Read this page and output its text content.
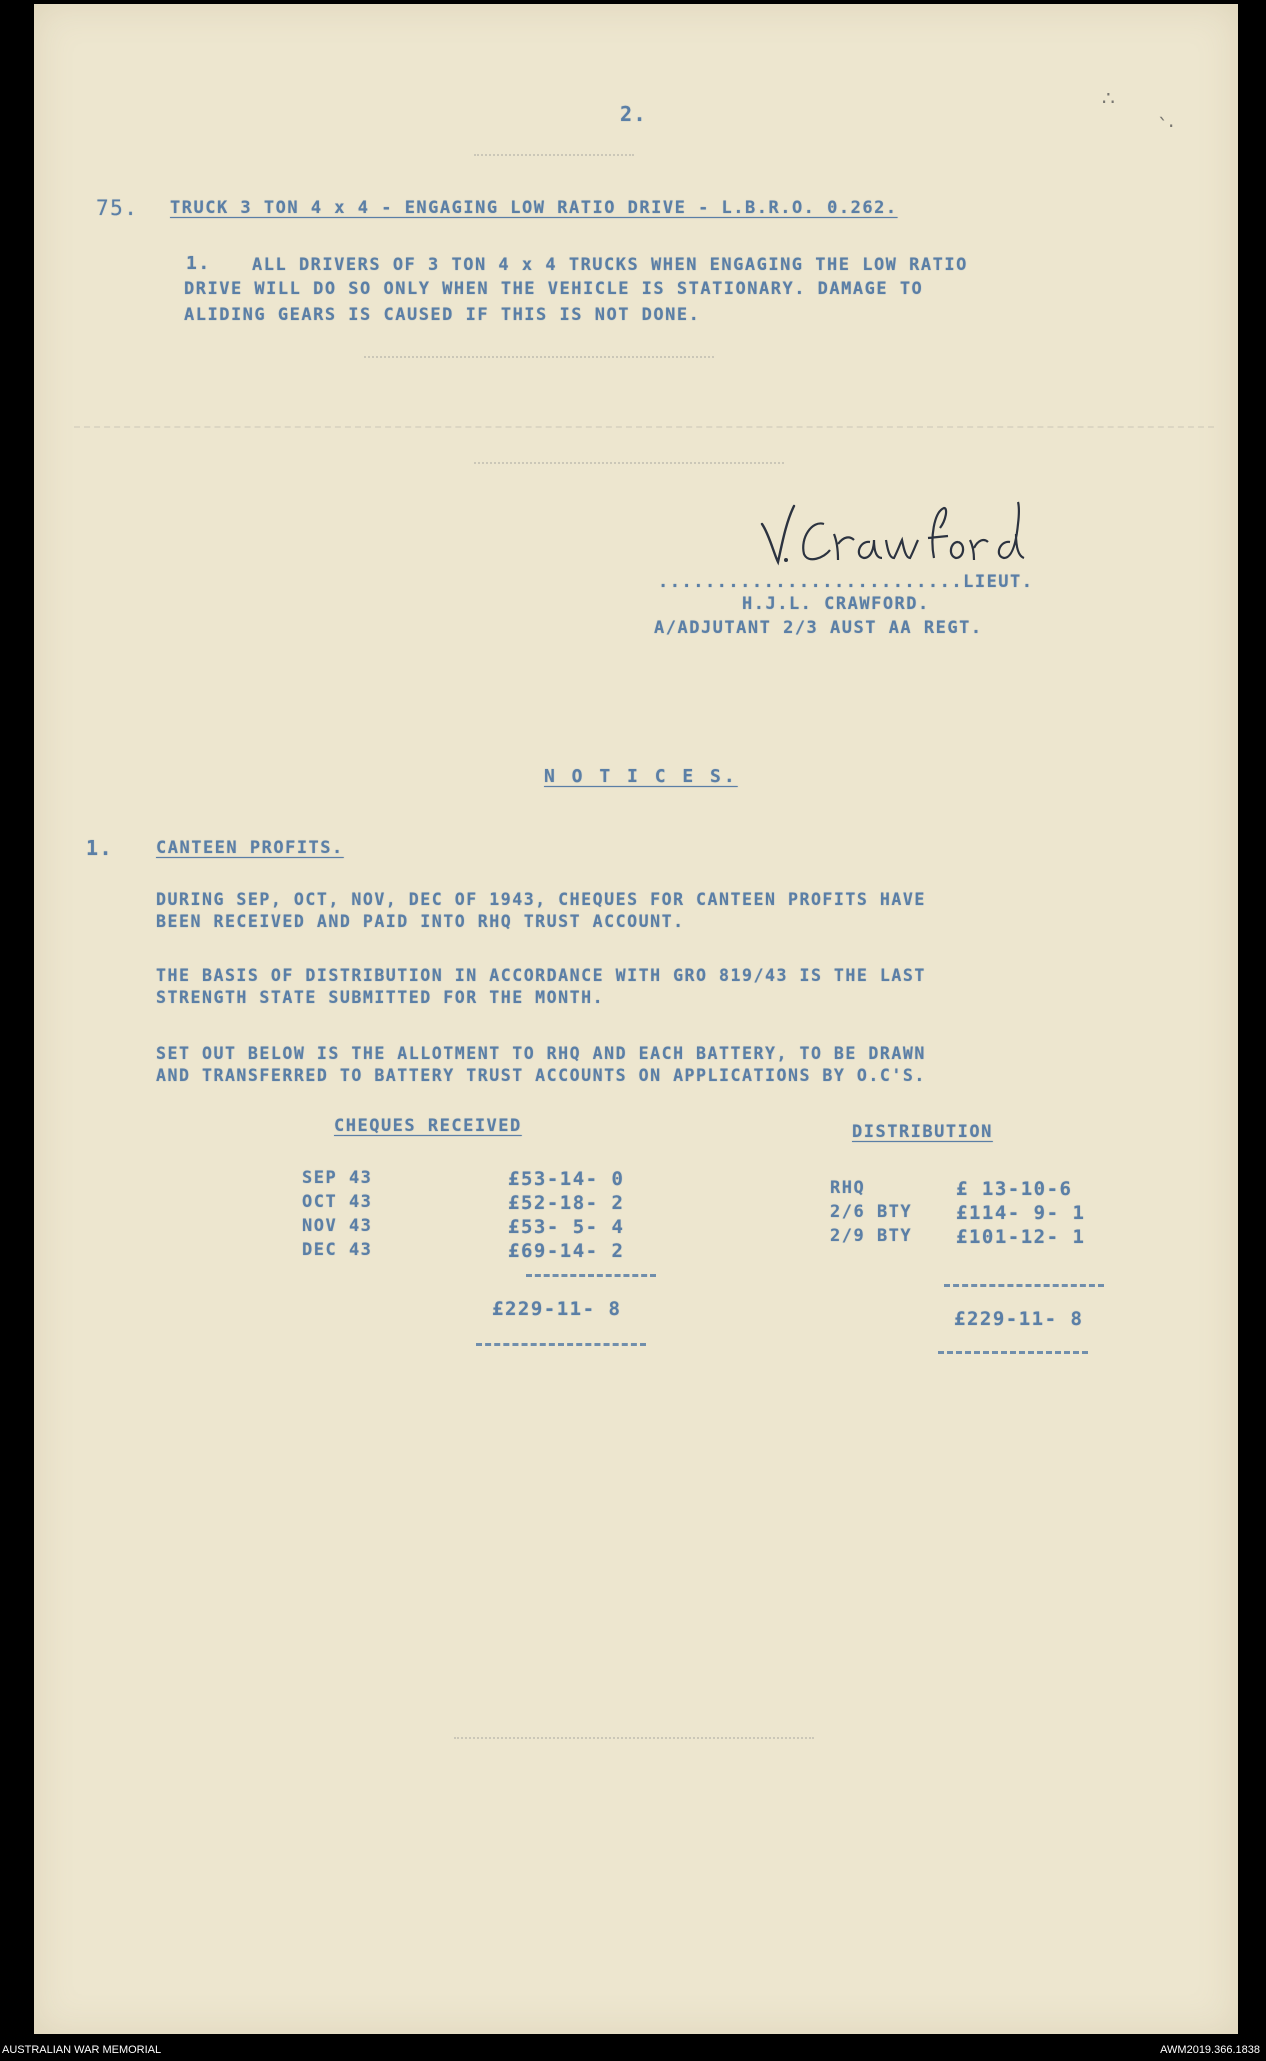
∴
`·
2.
75. TRUCK 3 TON 4 x 4 - ENGAGING LOW RATIO DRIVE - L.B.R.O. 0.262.
1. ALL DRIVERS OF 3 TON 4 x 4 TRUCKS WHEN ENGAGING THE LOW RATIO
DRIVE WILL DO SO ONLY WHEN THE VEHICLE IS STATIONARY. DAMAGE TO
ALIDING GEARS IS CAUSED IF THIS IS NOT DONE.
..........................LIEUT.
H.J.L. CRAWFORD.
A/ADJUTANT 2/3 AUST AA REGT.
N O T I C E S.
1.	CANTEEN PROFITS.
DURING SEP, OCT, NOV, DEC OF 1943, CHEQUES FOR CANTEEN PROFITS HAVE
BEEN RECEIVED AND PAID INTO RHQ TRUST ACCOUNT.
THE BASIS OF DISTRIBUTION IN ACCORDANCE WITH GRO 819/43 IS THE LAST
STRENGTH STATE SUBMITTED FOR THE MONTH.
SET OUT BELOW IS THE ALLOTMENT TO RHQ AND EACH BATTERY, TO BE DRAWN
AND TRANSFERRED TO BATTERY TRUST ACCOUNTS ON APPLICATIONS BY O.C'S.
CHEQUES RECEIVED
SEP 43	£53-14- 0
OCT 43	£52-18- 2
NOV 43	£53- 5- 4
DEC 43	£69-14- 2
£229-11- 8
DISTRIBUTION
RHQ	£ 13-10-6
2/6 BTY £114- 9- 1
2/9 BTY £101-12- 1
£229-11- 8
AUSTRALIAN WAR MEMORIAL	AWM2019.366.1838
